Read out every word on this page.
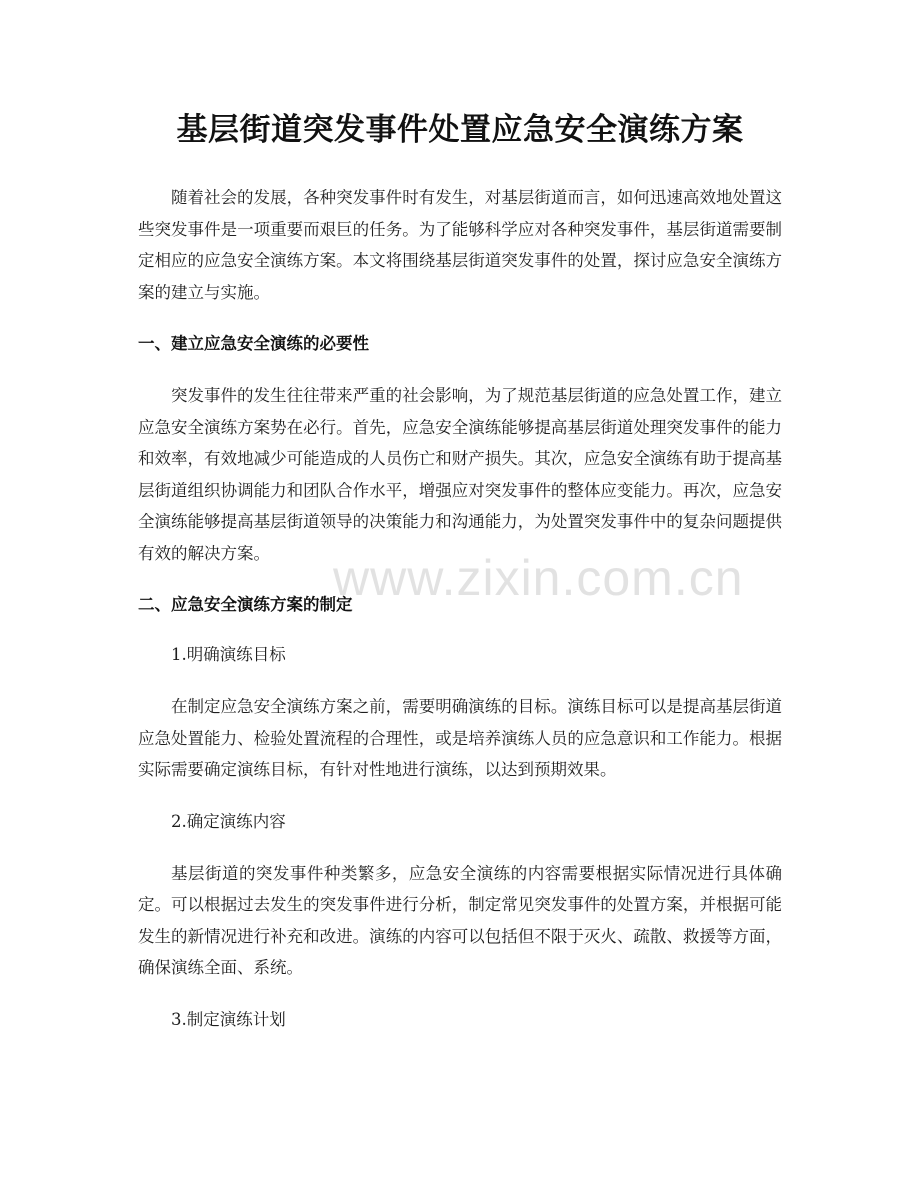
基层街道突发事件处置应急安全演练方案

随着社会的发展，各种突发事件时有发生，对基层街道而言，如何迅速高效地处置这些突发事件是一项重要而艰巨的任务。为了能够科学应对各种突发事件，基层街道需要制定相应的应急安全演练方案。本文将围绕基层街道突发事件的处置，探讨应急安全演练方案的建立与实施。

一、建立应急安全演练的必要性

突发事件的发生往往带来严重的社会影响，为了规范基层街道的应急处置工作，建立应急安全演练方案势在必行。首先，应急安全演练能够提高基层街道处理突发事件的能力和效率，有效地减少可能造成的人员伤亡和财产损失。其次，应急安全演练有助于提高基层街道组织协调能力和团队合作水平，增强应对突发事件的整体应变能力。再次，应急安全演练能够提高基层街道领导的决策能力和沟通能力，为处置突发事件中的复杂问题提供有效的解决方案。

二、应急安全演练方案的制定

1.明确演练目标

在制定应急安全演练方案之前，需要明确演练的目标。演练目标可以是提高基层街道应急处置能力、检验处置流程的合理性，或是培养演练人员的应急意识和工作能力。根据实际需要确定演练目标，有针对性地进行演练，以达到预期效果。

2.确定演练内容

基层街道的突发事件种类繁多，应急安全演练的内容需要根据实际情况进行具体确定。可以根据过去发生的突发事件进行分析，制定常见突发事件的处置方案，并根据可能发生的新情况进行补充和改进。演练的内容可以包括但不限于灭火、疏散、救援等方面，确保演练全面、系统。

3.制定演练计划

www.zixin.com.cn
